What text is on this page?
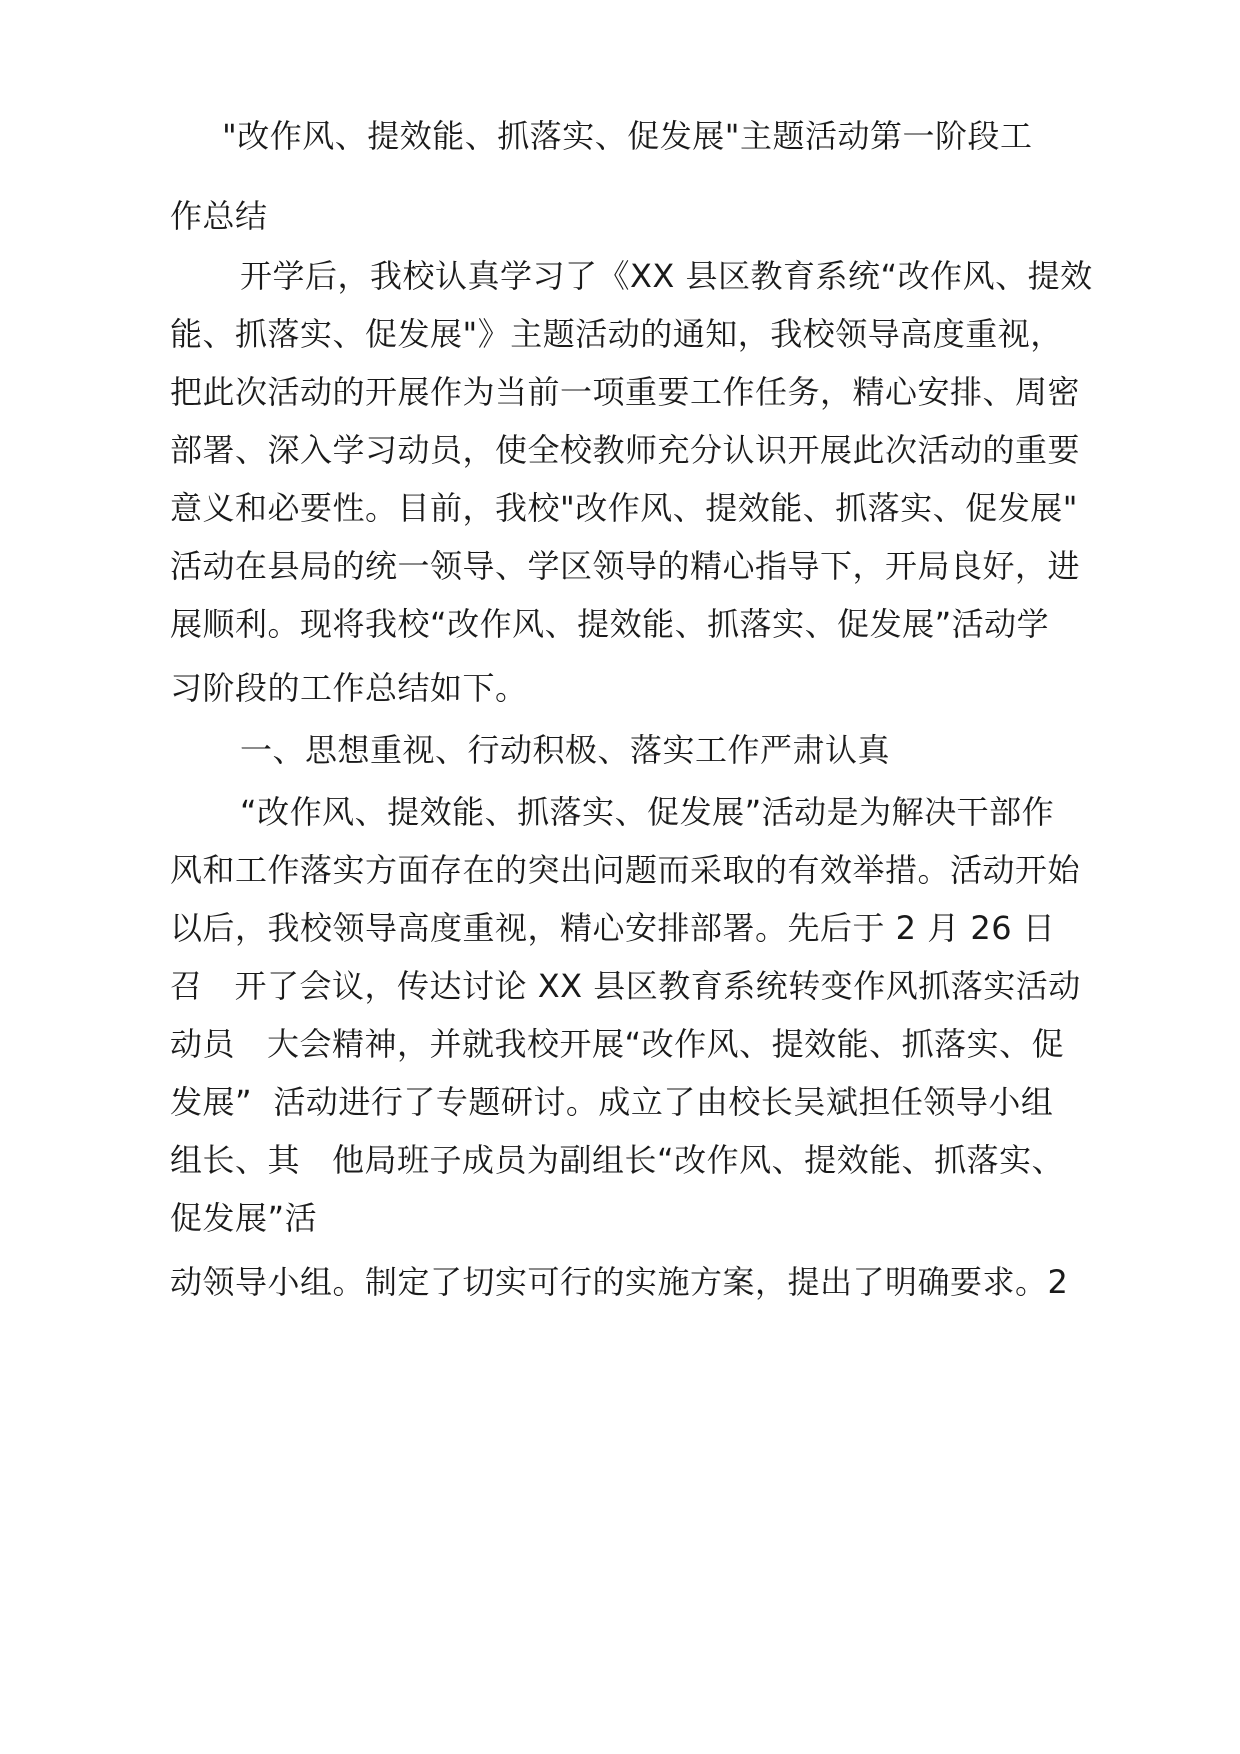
"改作风、提效能、抓落实、促发展"主题活动第一阶段工
作总结
开学后，我校认真学习了《XX 县区教育系统“改作风、提效
能、抓落实、促发展"》主题活动的通知，我校领导高度重视，
把此次活动的开展作为当前一项重要工作任务，精心安排、周密
部署、深入学习动员，使全校教师充分认识开展此次活动的重要
意义和必要性。目前，我校"改作风、提效能、抓落实、促发展"
活动在县局的统一领导、学区领导的精心指导下，开局良好，进
展顺利。现将我校“改作风、提效能、抓落实、促发展”活动学
习阶段的工作总结如下。
一、思想重视、行动积极、落实工作严肃认真
“改作风、提效能、抓落实、促发展”活动是为解决干部作
风和工作落实方面存在的突出问题而采取的有效举措。活动开始
以后，我校领导高度重视，精心安排部署。先后于 2 月 26 日
召   开了会议，传达讨论 XX 县区教育系统转变作风抓落实活动
动员   大会精神，并就我校开展“改作风、提效能、抓落实、促
发展”  活动进行了专题研讨。成立了由校长吴斌担任领导小组
组长、其   他局班子成员为副组长“改作风、提效能、抓落实、
促发展”活
动领导小组。制定了切实可行的实施方案，提出了明确要求。2
